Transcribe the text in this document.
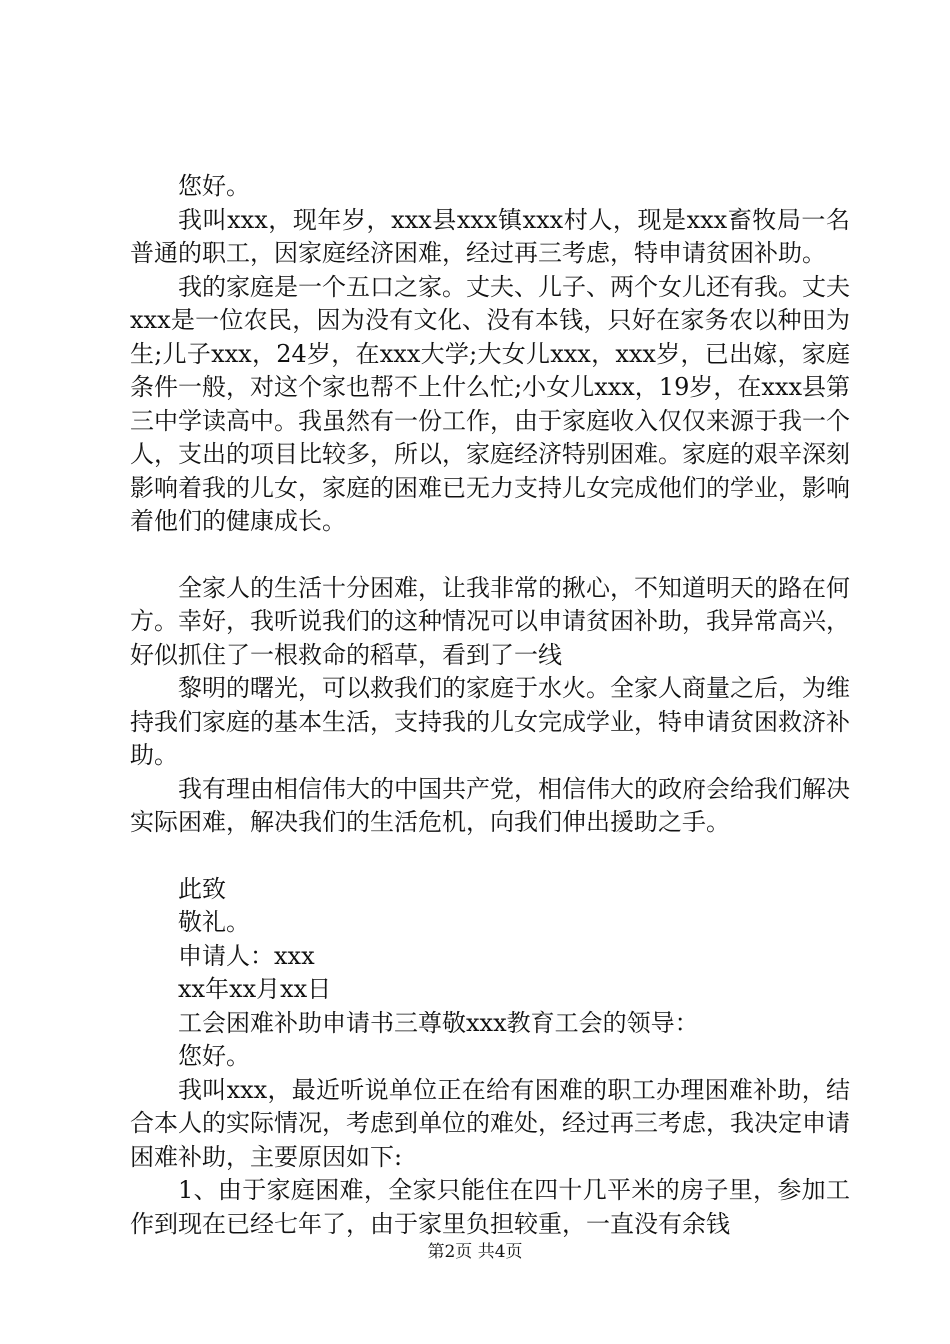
您好。

我叫xxx，现年岁，xxx县xxx镇xxx村人，现是xxx畜牧局一名普通的职工，因家庭经济困难，经过再三考虑，特申请贫困补助。

我的家庭是一个五口之家。丈夫、儿子、两个女儿还有我。丈夫xxx是一位农民，因为没有文化、没有本钱，只好在家务农以种田为生;儿子xxx，24岁，在xxx大学;大女儿xxx，xxx岁，已出嫁，家庭条件一般，对这个家也帮不上什么忙;小女儿xxx，19岁，在xxx县第三中学读高中。我虽然有一份工作，由于家庭收入仅仅来源于我一个人，支出的项目比较多，所以，家庭经济特别困难。家庭的艰辛深刻影响着我的儿女，家庭的困难已无力支持儿女完成他们的学业，影响着他们的健康成长。

全家人的生活十分困难，让我非常的揪心，不知道明天的路在何方。幸好，我听说我们的这种情况可以申请贫困补助，我异常高兴，好似抓住了一根救命的稻草，看到了一线

黎明的曙光，可以救我们的家庭于水火。全家人商量之后，为维持我们家庭的基本生活，支持我的儿女完成学业，特申请贫困救济补助。

我有理由相信伟大的中国共产党，相信伟大的政府会给我们解决实际困难，解决我们的生活危机，向我们伸出援助之手。

此致

敬礼。

申请人：xxx

xx年xx月xx日

工会困难补助申请书三尊敬xxx教育工会的领导：

您好。

我叫xxx，最近听说单位正在给有困难的职工办理困难补助，结合本人的实际情况，考虑到单位的难处，经过再三考虑，我决定申请困难补助，主要原因如下:

1、由于家庭困难，全家只能住在四十几平米的房子里，参加工作到现在已经七年了，由于家里负担较重，一直没有余钱

第2页 共4页
